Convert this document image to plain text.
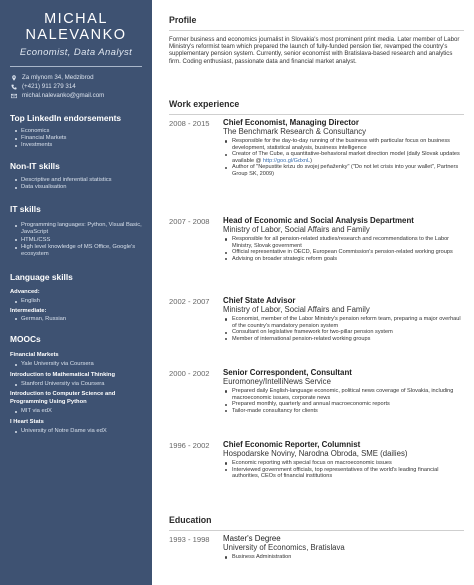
MICHAL
NALEVANKO
Economist, Data Analyst
Za mlynom 34, Medzibrod
(+421) 911 279 314
michal.nalevanko@gmail.com
Top LinkedIn endorsements
Economics
Financial Markets
Investments
Non-IT skills
Descriptive and inferential statistics
Data visualisation
IT skills
Programming languages: Python, Visual Basic, JavaScript
HTML/CSS
High level knowledge of MS Office, Google's ecosystem
Language skills
Advanced:
English
Intermediate:
German, Russian
MOOCs
Financial Markets
Yale University via Coursera
Introduction to Mathematical Thinking
Stanford University via Coursera
Introduction to Computer Science and Programming Using Python
MIT via edX
I Heart Stats
University of Notre Dame via edX
Profile
Former business and economics journalist in Slovakia's most prominent print media. Later member of Labor Ministry's reformist team which prepared the launch of fully-funded pension tier, revamped the country's supplementary pension system. Currently, senior economist with Bratislava-based research and analytics firm. Coding enthusiast, passionate data and financial market analyst.
Work experience
2008 - 2015	Chief Economist, Managing Director
The Benchmark Research & Consultancy
Responsible for the day-to-day running of the business with particular focus on business development, statistical analysis, business intelligence
Creator of The Cube, a quantitative-behavioral market direction model (daily Slovak updates available @ http://goo.gl/GdxnL)
Author of "Nepustite krizu do svojej peňaženky" ("Do not let crisis into your wallet", Partners Group SK, 2009)
2007 - 2008	Head of Economic and Social Analysis Department
Ministry of Labor, Social Affairs and Family
Responsible for all pension-related studies/research and recommendations to the Labor Ministry, Slovak government
Official representative in OECD, European Commission's pension-related working groups
Advising on broader strategic reform goals
2002 - 2007	Chief State Advisor
Ministry of Labor, Social Affairs and Family
Economist, member of the Labor Ministry's pension reform team, preparing a major overhaul of the country's mandatory pension system
Consultant on legislative framework for two-pillar pension system
Member of international pension-related working groups
2000 - 2002	Senior Correspondent, Consultant
Euromoney/IntelliNews Service
Prepared daily English-language economic, political news coverage of Slovakia, including macroeconomic issues, corporate news
Prepared monthly, quarterly and annual macroeconomic reports
Tailor-made consultancy for clients
1996 - 2002	Chief Economic Reporter, Columnist
Hospodarske Noviny, Narodna Obroda, SME (dailies)
Economic reporting with special focus on macroeconomic issues
Interviewed government officials, top representatives of the world's leading financial authorities, CEOs of financial institutions
Education
1993 - 1998	Master's Degree
University of Economics, Bratislava
Business Administration
